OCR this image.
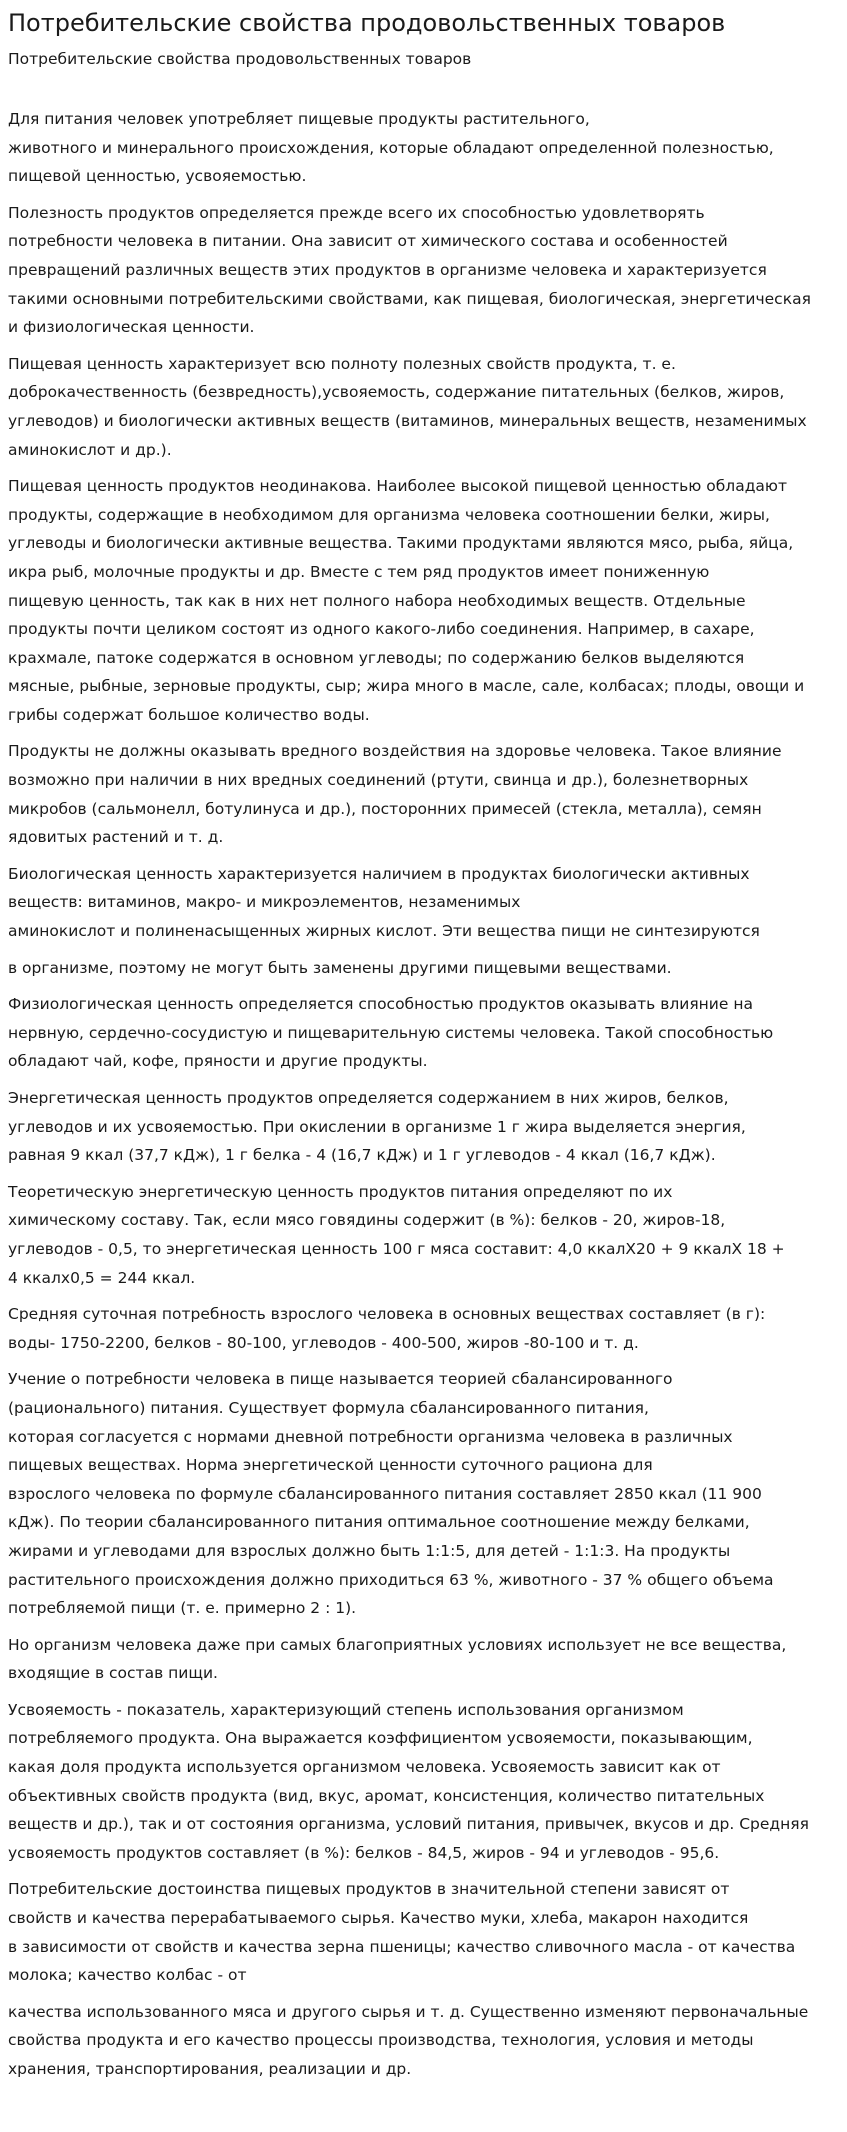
Потребительские свойства продовольственных товаров
Потребительские свойства продовольственных товаров

Для питания человек употребляет пищевые продукты растительного,
животного и минерального происхождения, которые обладают определенной полезностью,
пищевой ценностью, усвояемостью.

Полезность продуктов определяется прежде всего их способностью удовлетворять
потребности человека в питании. Она зависит от химического состава и особенностей
превращений различных веществ этих продуктов в организме человека и характеризуется
такими основными потребительскими свойствами, как пищевая, биологическая, энергетическая
и физиологическая ценности.

Пищевая ценность характеризует всю полноту полезных свойств продукта, т. е.
доброкачественность (безвредность),усвояемость, содержание питательных (белков, жиров,
углеводов) и биологически активных веществ (витаминов, минеральных веществ, незаменимых
аминокислот и др.).

Пищевая ценность продуктов неодинакова. Наиболее высокой пищевой ценностью обладают
продукты, содержащие в необходимом для организма человека соотношении белки, жиры,
углеводы и биологически активные вещества. Такими продуктами являются мясо, рыба, яйца,
икра рыб, молочные продукты и др. Вместе с тем ряд продуктов имеет пониженную
пищевую ценность, так как в них нет полного набора необходимых веществ. Отдельные
продукты почти целиком состоят из одного какого-либо соединения. Например, в сахаре,
крахмале, патоке содержатся в основном углеводы; по содержанию белков выделяются
мясные, рыбные, зерновые продукты, сыр; жира много в масле, сале, колбасах; плоды, овощи и
грибы содержат большое количество воды.

Продукты не должны оказывать вредного воздействия на здоровье человека. Такое влияние
возможно при наличии в них вредных соединений (ртути, свинца и др.), болезнетворных
микробов (сальмонелл, ботулинуса и др.), посторонних примесей (стекла, металла), семян
ядовитых растений и т. д.

Биологическая ценность характеризуется наличием в продуктах биологически активных
веществ: витаминов, макро- и микроэлементов, незаменимых
аминокислот и полиненасыщенных жирных кислот. Эти вещества пищи не синтезируются

в организме, поэтому не могут быть заменены другими пищевыми веществами.

Физиологическая ценность определяется способностью продуктов оказывать влияние на
нервную, сердечно-сосудистую и пищеварительную системы человека. Такой способностью
обладают чай, кофе, пряности и другие продукты.

Энергетическая ценность продуктов определяется содержанием в них жиров, белков,
углеводов и их усвояемостью. При окислении в организме 1 г жира выделяется энергия,
равная 9 ккал (37,7 кДж), 1 г белка - 4 (16,7 кДж) и 1 г углеводов - 4 ккал (16,7 кДж).

Теоретическую энергетическую ценность продуктов питания определяют по их
химическому составу. Так, если мясо говядины содержит (в %): белков - 20, жиров-18,
углеводов - 0,5, то энергетическая ценность 100 г мяса составит: 4,0 ккалX20 + 9 ккалX 18 +
4 ккалx0,5 = 244 ккал.

Средняя суточная потребность взрослого человека в основных веществах составляет (в г):
воды- 1750-2200, белков - 80-100, углеводов - 400-500, жиров -80-100 и т. д.

Учение о потребности человека в пище называется теорией сбалансированного
(рационального) питания. Существует формула сбалансированного питания,
которая согласуется с нормами дневной потребности организма человека в различных
пищевых веществах. Норма энергетической ценности суточного рациона для
взрослого человека по формуле сбалансированного питания составляет 2850 ккал (11 900
кДж). По теории сбалансированного питания оптимальное соотношение между белками,
жирами и углеводами для взрослых должно быть 1:1:5, для детей - 1:1:3. На продукты
растительного происхождения должно приходиться 63 %, животного - 37 % общего объема
потребляемой пищи (т. е. примерно 2 : 1).

Но организм человека даже при самых благоприятных условиях использует не все вещества,
входящие в состав пищи.

Усвояемость - показатель, характеризующий степень использования организмом
потребляемого продукта. Она выражается коэффициентом усвояемости, показывающим,
какая доля продукта используется организмом человека. Усвояемость зависит как от
объективных свойств продукта (вид, вкус, аромат, консистенция, количество питательных
веществ и др.), так и от состояния организма, условий питания, привычек, вкусов и др. Средняя
усвояемость продуктов составляет (в %): белков - 84,5, жиров - 94 и углеводов - 95,6.

Потребительские достоинства пищевых продуктов в значительной степени зависят от
свойств и качества перерабатываемого сырья. Качество муки, хлеба, макарон находится
в зависимости от свойств и качества зерна пшеницы; качество сливочного масла - от качества
молока; качество колбас - от

качества использованного мяса и другого сырья и т. д. Существенно изменяют первоначальные
свойства продукта и его качество процессы производства, технология, условия и методы
хранения, транспортирования, реализации и др.
